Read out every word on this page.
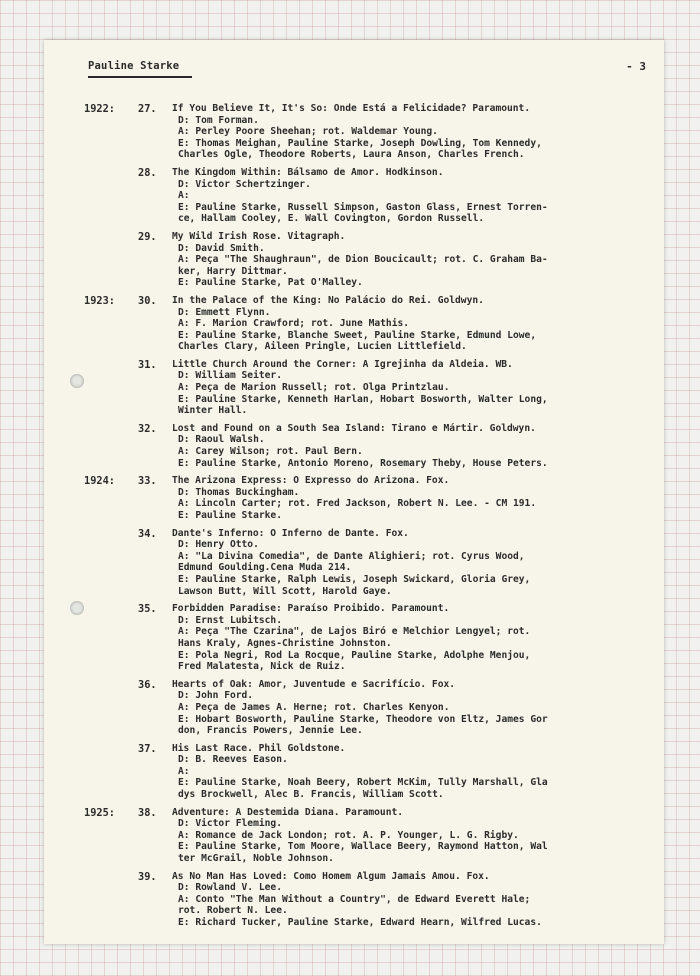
Pauline Starke	- 3
1922: 27. If You Believe It, It's So: Onde Está a Felicidade? Paramount.
D: Tom Forman.
A: Perley Poore Sheehan; rot. Waldemar Young.
E: Thomas Meighan, Pauline Starke, Joseph Dowling, Tom Kennedy,
Charles Ogle, Theodore Roberts, Laura Anson, Charles French.
28. The Kingdom Within: Bálsamo de Amor. Hodkinson.
D: Victor Schertzinger.
A:
E: Pauline Starke, Russell Simpson, Gaston Glass, Ernest Torren-
ce, Hallam Cooley, E. Wall Covington, Gordon Russell.
29. My Wild Irish Rose. Vitagraph.
D: David Smith.
A: Peça "The Shaughraun", de Dion Boucicault; rot. C. Graham Ba-
ker, Harry Dittmar.
E: Pauline Starke, Pat O'Malley.
1923: 30. In the Palace of the King: No Palácio do Rei. Goldwyn.
D: Emmett Flynn.
A: F. Marion Crawford; rot. June Mathis.
E: Pauline Starke, Blanche Sweet, Pauline Starke, Edmund Lowe,
Charles Clary, Aileen Pringle, Lucien Littlefield.
31. Little Church Around the Corner: A Igrejinha da Aldeia. WB.
D: William Seiter.
A: Peça de Marion Russell; rot. Olga Printzlau.
E: Pauline Starke, Kenneth Harlan, Hobart Bosworth, Walter Long,
Winter Hall.
32. Lost and Found on a South Sea Island: Tirano e Mártir. Goldwyn.
D: Raoul Walsh.
A: Carey Wilson; rot. Paul Bern.
E: Pauline Starke, Antonio Moreno, Rosemary Theby, House Peters.
1924: 33. The Arizona Express: O Expresso do Arizona. Fox.
D: Thomas Buckingham.
A: Lincoln Carter; rot. Fred Jackson, Robert N. Lee. - CM 191.
E: Pauline Starke.
34. Dante's Inferno: O Inferno de Dante. Fox.
D: Henry Otto.
A: "La Divina Comedia", de Dante Alighieri; rot. Cyrus Wood,
Edmund Goulding.Cena Muda 214.
E: Pauline Starke, Ralph Lewis, Joseph Swickard, Gloria Grey,
Lawson Butt, Will Scott, Harold Gaye.
35. Forbidden Paradise: Paraíso Proibido. Paramount.
D: Ernst Lubitsch.
A: Peça "The Czarina", de Lajos Biró e Melchior Lengyel; rot.
Hans Kraly, Agnes-Christine Johnston.
E: Pola Negri, Rod La Rocque, Pauline Starke, Adolphe Menjou,
Fred Malatesta, Nick de Ruiz.
36. Hearts of Oak: Amor, Juventude e Sacrifício. Fox.
D: John Ford.
A: Peça de James A. Herne; rot. Charles Kenyon.
E: Hobart Bosworth, Pauline Starke, Theodore von Eltz, James Gor
don, Francis Powers, Jennie Lee.
37. His Last Race. Phil Goldstone.
D: B. Reeves Eason.
A:
E: Pauline Starke, Noah Beery, Robert McKim, Tully Marshall, Gla
dys Brockwell, Alec B. Francis, William Scott.
1925: 38. Adventure: A Destemida Diana. Paramount.
D: Victor Fleming.
A: Romance de Jack London; rot. A. P. Younger, L. G. Rigby.
E: Pauline Starke, Tom Moore, Wallace Beery, Raymond Hatton, Wal
ter McGrail, Noble Johnson.
39. As No Man Has Loved: Como Homem Algum Jamais Amou. Fox.
D: Rowland V. Lee.
A: Conto "The Man Without a Country", de Edward Everett Hale;
rot. Robert N. Lee.
E: Richard Tucker, Pauline Starke, Edward Hearn, Wilfred Lucas.
